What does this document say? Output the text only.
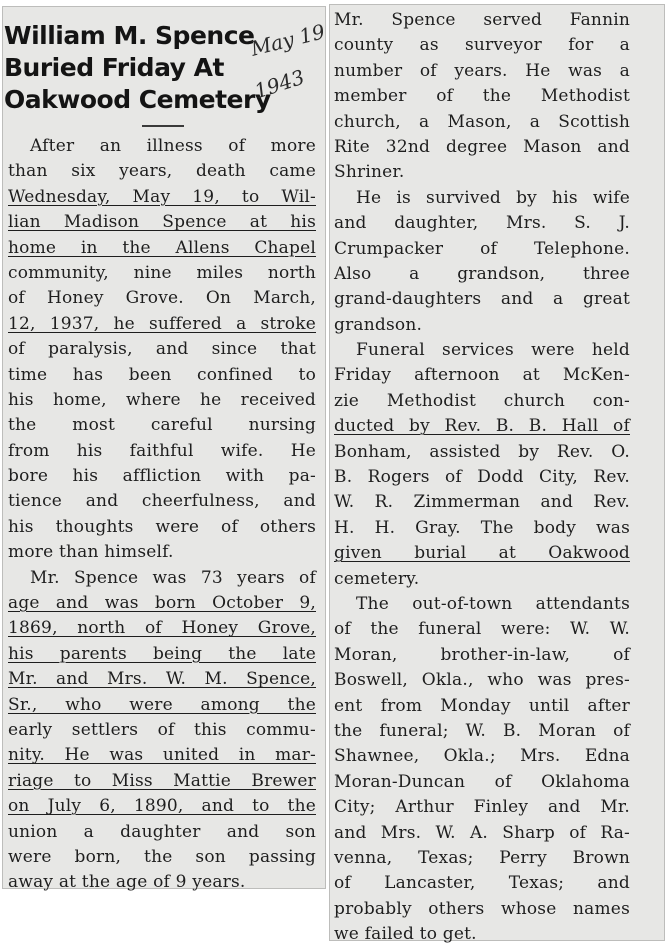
William M. Spence
Buried Friday At
Oakwood Cemetery
May 19
1943
After an illness of more
than six years, death came
Wednesday, May 19, to Wil-
lian Madison Spence at his
home in the Allens Chapel
community, nine miles north
of Honey Grove. On March,
12, 1937, he suffered a stroke
of paralysis, and since that
time has been confined to
his home, where he received
the most careful nursing
from his faithful wife. He
bore his affliction with pa-
tience and cheerfulness, and
his thoughts were of others
more than himself.
Mr. Spence was 73 years of
age and was born October 9,
1869, north of Honey Grove,
his parents being the late
Mr. and Mrs. W. M. Spence,
Sr., who were among the
early settlers of this commu-
nity. He was united in mar-
riage to Miss Mattie Brewer
on July 6, 1890, and to the
union a daughter and son
were born, the son passing
away at the age of 9 years.
Mr. Spence served Fannin
county as surveyor for a
number of years. He was a
member of the Methodist
church, a Mason, a Scottish
Rite 32nd degree Mason and
Shriner.
He is survived by his wife
and daughter, Mrs. S. J.
Crumpacker of Telephone.
Also a grandson, three
grand-daughters and a great
grandson.
Funeral services were held
Friday afternoon at McKen-
zie Methodist church con-
ducted by Rev. B. B. Hall of
Bonham, assisted by Rev. O.
B. Rogers of Dodd City, Rev.
W. R. Zimmerman and Rev.
H. H. Gray. The body was
given burial at Oakwood
cemetery.
The out-of-town attendants
of the funeral were: W. W.
Moran, brother-in-law, of
Boswell, Okla., who was pres-
ent from Monday until after
the funeral; W. B. Moran of
Shawnee, Okla.; Mrs. Edna
Moran-Duncan of Oklahoma
City; Arthur Finley and Mr.
and Mrs. W. A. Sharp of Ra-
venna, Texas; Perry Brown
of Lancaster, Texas; and
probably others whose names
we failed to get.
